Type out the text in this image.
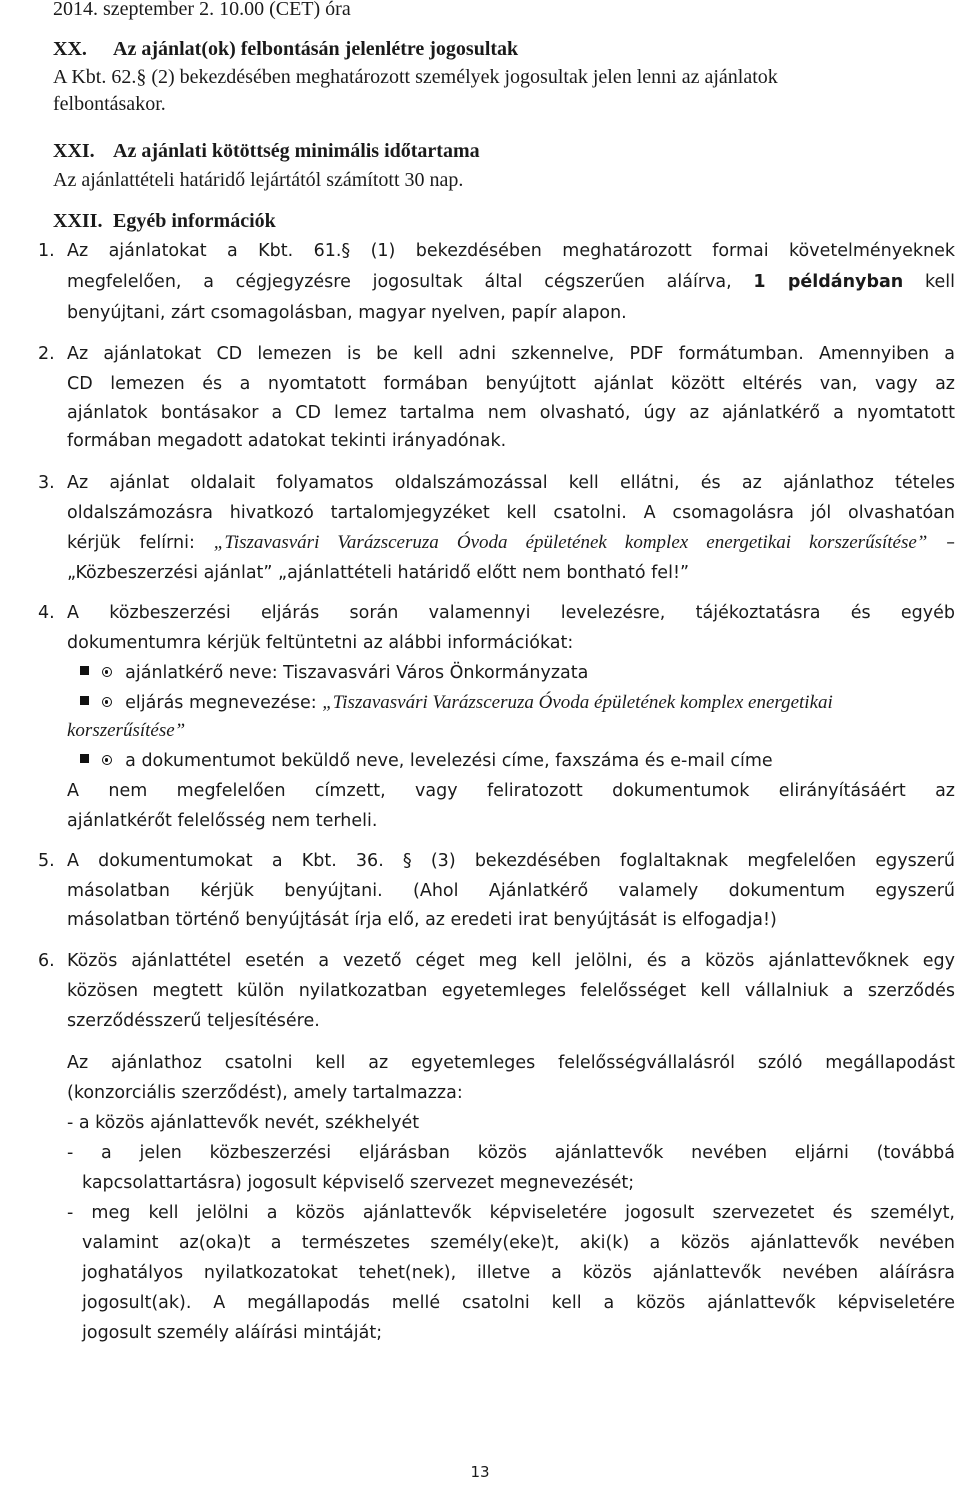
2014. szeptember 2. 10.00 (CET) óra
XX. Az ajánlat(ok) felbontásán jelenlétre jogosultak
A Kbt. 62.§ (2) bekezdésében meghatározott személyek jogosultak jelen lenni az ajánlatok
felbontásakor.
XXI. Az ajánlati kötöttség minimális időtartama
Az ajánlattételi határidő lejártától számított 30 nap.
XXII. Egyéb információk
1. Az ajánlatokat a Kbt. 61.§ (1) bekezdésében meghatározott formai követelményeknek
megfelelően, a cégjegyzésre jogosultak által cégszerűen aláírva, 1 példányban kell
benyújtani, zárt csomagolásban, magyar nyelven, papír alapon.
2. Az ajánlatokat CD lemezen is be kell adni szkennelve, PDF formátumban. Amennyiben a
CD lemezen és a nyomtatott formában benyújtott ajánlat között eltérés van, vagy az
ajánlatok bontásakor a CD lemez tartalma nem olvasható, úgy az ajánlatkérő a nyomtatott
formában megadott adatokat tekinti irányadónak.
3. Az ajánlat oldalait folyamatos oldalszámozással kell ellátni, és az ajánlathoz tételes
oldalszámozásra hivatkozó tartalomjegyzéket kell csatolni. A csomagolásra jól olvashatóan
kérjük felírni: „Tiszavasvári Varázsceruza Óvoda épületének komplex energetikai korszerűsítése” –
„Közbeszerzési ajánlat” „ajánlattételi határidő előtt nem bontható fel!”
4. A közbeszerzési eljárás során valamennyi levelezésre, tájékoztatásra és egyéb
dokumentumra kérjük feltüntetni az alábbi információkat:
ajánlatkérő neve: Tiszavasvári Város Önkormányzata
eljárás megnevezése: „Tiszavasvári Varázsceruza Óvoda épületének komplex energetikai
korszerűsítése”
a dokumentumot beküldő neve, levelezési címe, faxszáma és e-mail címe
A nem megfelelően címzett, vagy feliratozott dokumentumok elirányításáért az
ajánlatkérőt felelősség nem terheli.
5. A dokumentumokat a Kbt. 36. § (3) bekezdésében foglaltaknak megfelelően egyszerű
másolatban kérjük benyújtani. (Ahol Ajánlatkérő valamely dokumentum egyszerű
másolatban történő benyújtását írja elő, az eredeti irat benyújtását is elfogadja!)
6. Közös ajánlattétel esetén a vezető céget meg kell jelölni, és a közös ajánlattevőknek egy
közösen megtett külön nyilatkozatban egyetemleges felelősséget kell vállalniuk a szerződés
szerződésszerű teljesítésére.
Az ajánlathoz csatolni kell az egyetemleges felelősségvállalásról szóló megállapodást
(konzorciális szerződést), amely tartalmazza:
- a közös ajánlattevők nevét, székhelyét
- a jelen közbeszerzési eljárásban közös ajánlattevők nevében eljárni (továbbá
kapcsolattartásra) jogosult képviselő szervezet megnevezését;
- meg kell jelölni a közös ajánlattevők képviseletére jogosult szervezetet és személyt,
valamint az(oka)t a természetes személy(eke)t, aki(k) a közös ajánlattevők nevében
joghatályos nyilatkozatokat tehet(nek), illetve a közös ajánlattevők nevében aláírásra
jogosult(ak). A megállapodás mellé csatolni kell a közös ajánlattevők képviseletére
jogosult személy aláírási mintáját;
13
